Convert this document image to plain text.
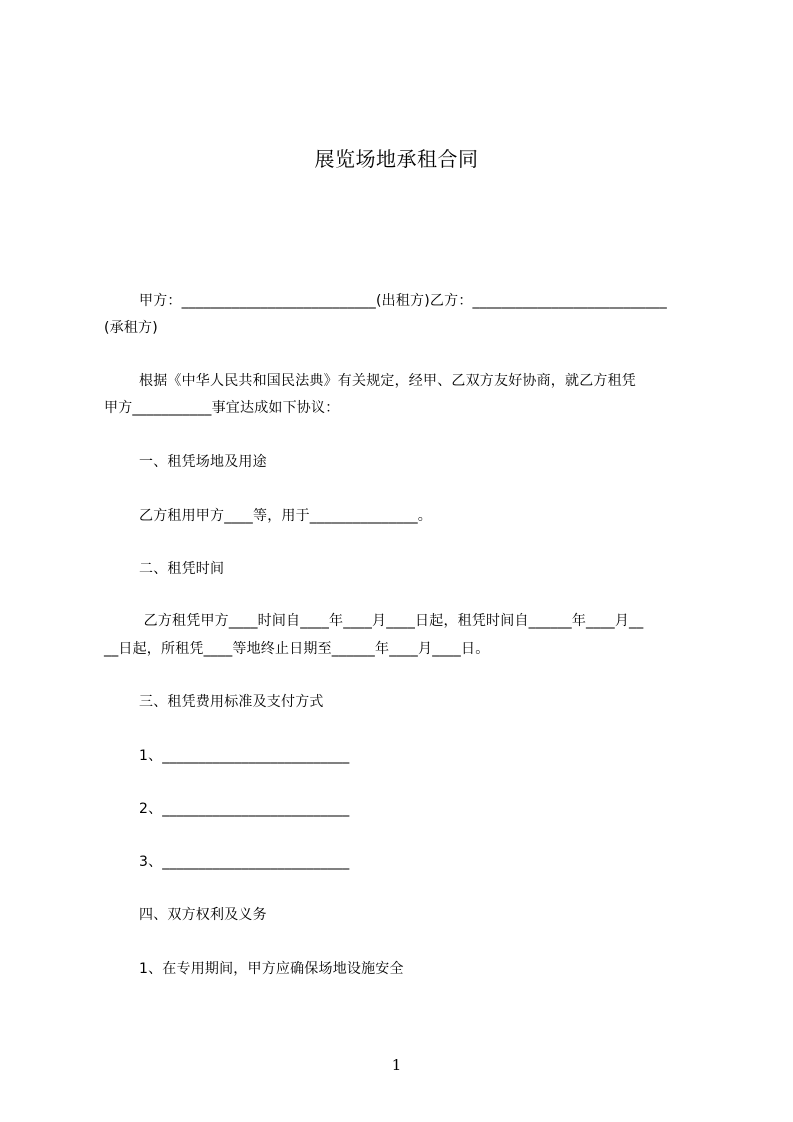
展览场地承租合同
甲方：___________________________(出租方)乙方：___________________________
(承租方)
根据《中华人民共和国民法典》有关规定，经甲、乙双方友好协商，就乙方租凭
甲方___________事宜达成如下协议：
一、租凭场地及用途
乙方租用甲方____等，用于_______________。
二、租凭时间
乙方租凭甲方____时间自____年____月____日起，租凭时间自______年____月__
__日起，所租凭____等地终止日期至______年____月____日。
三、租凭费用标准及支付方式
1、__________________________
2、__________________________
3、__________________________
四、双方权利及义务
1、在专用期间，甲方应确保场地设施安全
1
